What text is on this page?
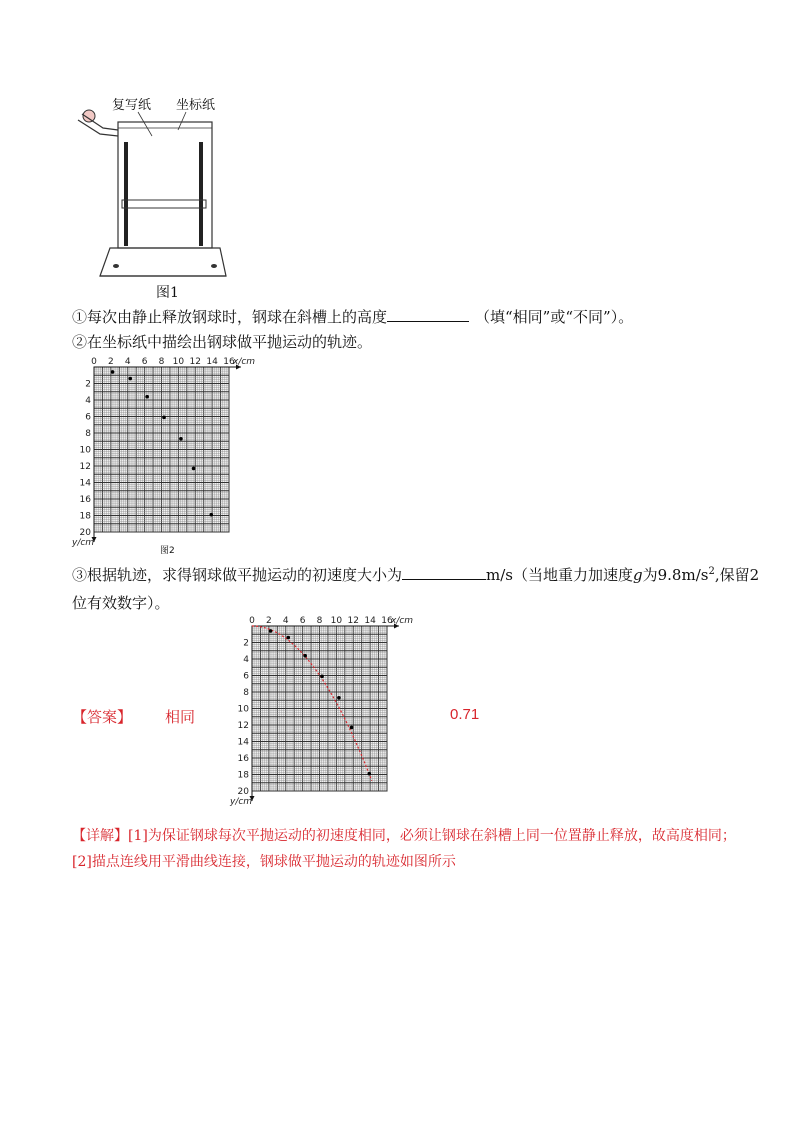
复写纸 坐标纸
图1
①每次由静止释放钢球时，钢球在斜槽上的高度	（填“相同”或“不同”）。
②在坐标纸中描绘出钢球做平抛运动的轨迹。
0 2 4 6 8 10 12 14 16
x/cm
2
4
6
8
10
12
14
16
18
20
y/cm
图2
③根据轨迹，求得钢球做平抛运动的初速度大小为	m/s（当地重力加速度g为$9.8m/s^2$,保留2
位有效数字）。
【答案】 相同	0.71
0 2 4 6 8 10 12 14 16
x/cm
2
4
6
8
10
12
14
16
18
20
y/cm
【详解】[1]为保证钢球每次平抛运动的初速度相同，必须让钢球在斜槽上同一位置静止释放，故高度相同；
[2]描点连线用平滑曲线连接，钢球做平抛运动的轨迹如图所示
